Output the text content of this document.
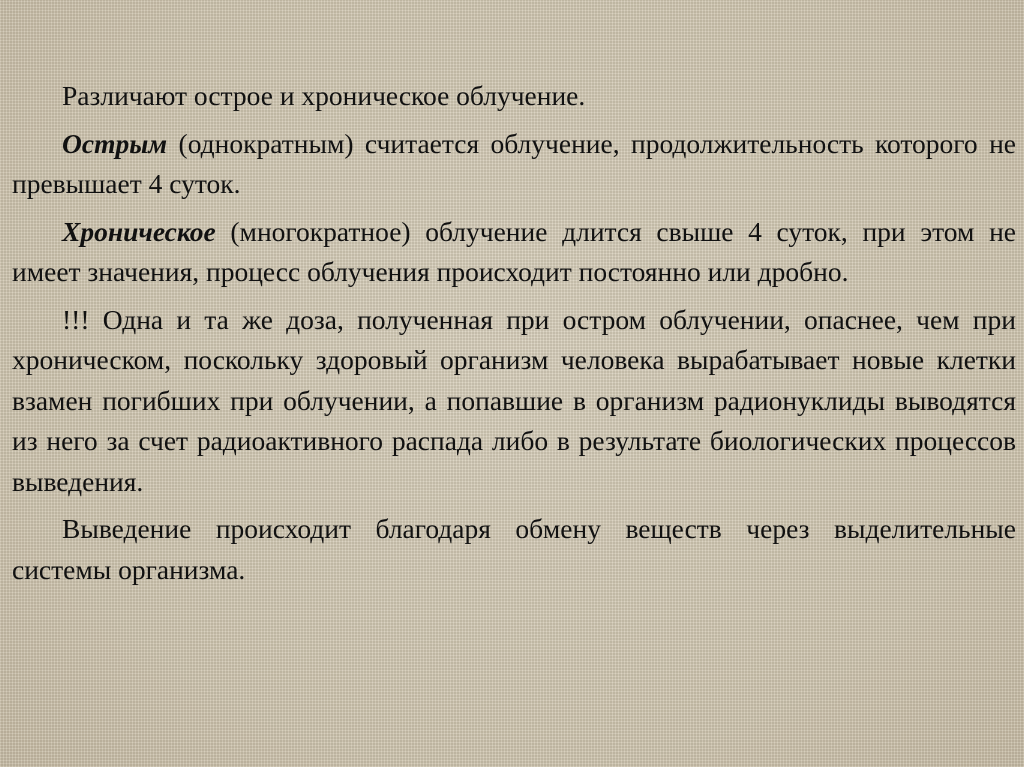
Различают острое и хроническое облучение.

Острым (однократным) считается облучение, продолжительность которого не превышает 4 суток.

Хроническое (многократное) облучение длится свыше 4 суток, при этом не имеет значения, процесс облучения происходит постоянно или дробно.

!!! Одна и та же доза, полученная при остром облучении, опаснее, чем при хроническом, поскольку здоровый организм человека вырабатывает новые клетки взамен погибших при облучении, а попавшие в организм радионуклиды выводятся из него за счет радиоактивного распада либо в результате биологических процессов выведения.

Выведение происходит благодаря обмену веществ через выделительные системы организма.
